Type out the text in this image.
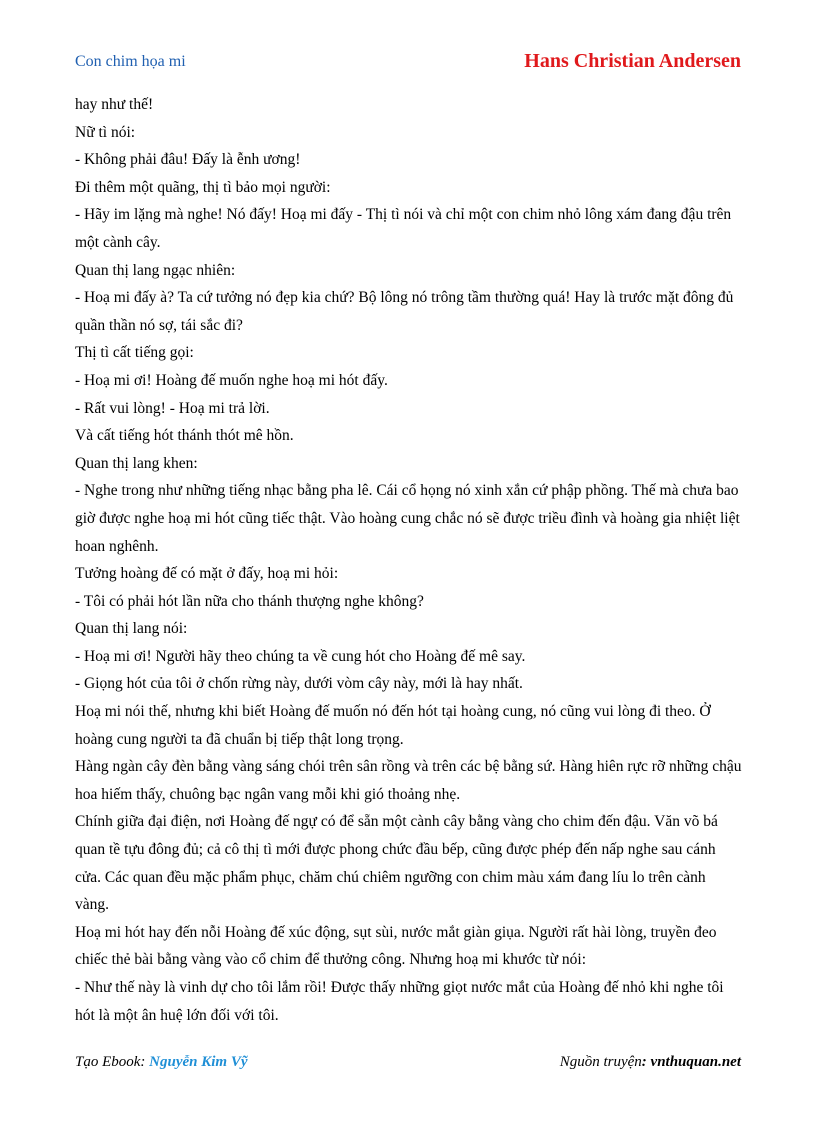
Con chim họa mi	Hans Christian Andersen

hay như thế!

Nữ tì nói:

- Không phải đâu! Đấy là ễnh ương!

Đi thêm một quãng, thị tì bảo mọi người:

- Hãy im lặng mà nghe! Nó đấy! Hoạ mi đấy - Thị tì nói và chỉ một con chim nhỏ lông xám đang đậu trên một cành cây.

Quan thị lang ngạc nhiên:

- Hoạ mi đấy à? Ta cứ tưởng nó đẹp kia chứ? Bộ lông nó trông tầm thường quá! Hay là trước mặt đông đủ quần thần nó sợ, tái sắc đi?

Thị tì cất tiếng gọi:

- Hoạ mi ơi! Hoàng đế muốn nghe hoạ mi hót đấy.

- Rất vui lòng! - Hoạ mi trả lời.

Và cất tiếng hót thánh thót mê hồn.

Quan thị lang khen:

- Nghe trong như những tiếng nhạc bằng pha lê. Cái cổ họng nó xinh xắn cứ phập phồng. Thế mà chưa bao giờ được nghe hoạ mi hót cũng tiếc thật. Vào hoàng cung chắc nó sẽ được triều đình và hoàng gia nhiệt liệt hoan nghênh.

Tưởng hoàng đế có mặt ở đấy, hoạ mi hỏi:

- Tôi có phải hót lần nữa cho thánh thượng nghe không?

Quan thị lang nói:

- Hoạ mi ơi! Người hãy theo chúng ta về cung hót cho Hoàng đế mê say.

- Giọng hót của tôi ở chốn rừng này, dưới vòm cây này, mới là hay nhất.

Hoạ mi nói thế, nhưng khi biết Hoàng đế muốn nó đến hót tại hoàng cung, nó cũng vui lòng đi theo. Ở hoàng cung người ta đã chuẩn bị tiếp thật long trọng.

Hàng ngàn cây đèn bằng vàng sáng chói trên sân rồng và trên các bệ bằng sứ. Hàng hiên rực rỡ những chậu hoa hiếm thấy, chuông bạc ngân vang mỗi khi gió thoảng nhẹ.

Chính giữa đại điện, nơi Hoàng đế ngự có để sẵn một cành cây bằng vàng cho chim đến đậu. Văn võ bá quan tề tựu đông đủ; cả cô thị tì mới được phong chức đầu bếp, cũng được phép đến nấp nghe sau cánh cửa. Các quan đều mặc phẩm phục, chăm chú chiêm ngưỡng con chim màu xám đang líu lo trên cành vàng.

Hoạ mi hót hay đến nỗi Hoàng đế xúc động, sụt sùi, nước mắt giàn giụa. Người rất hài lòng, truyền đeo chiếc thẻ bài bằng vàng vào cổ chim để thưởng công. Nhưng hoạ mi khước từ nói:

- Như thế này là vinh dự cho tôi lắm rồi! Được thấy những giọt nước mắt của Hoàng đế nhỏ khi nghe tôi hót là một ân huệ lớn đối với tôi.

Tạo Ebook: Nguyễn Kim Vỹ	Nguồn truyện: vnthuquan.net
